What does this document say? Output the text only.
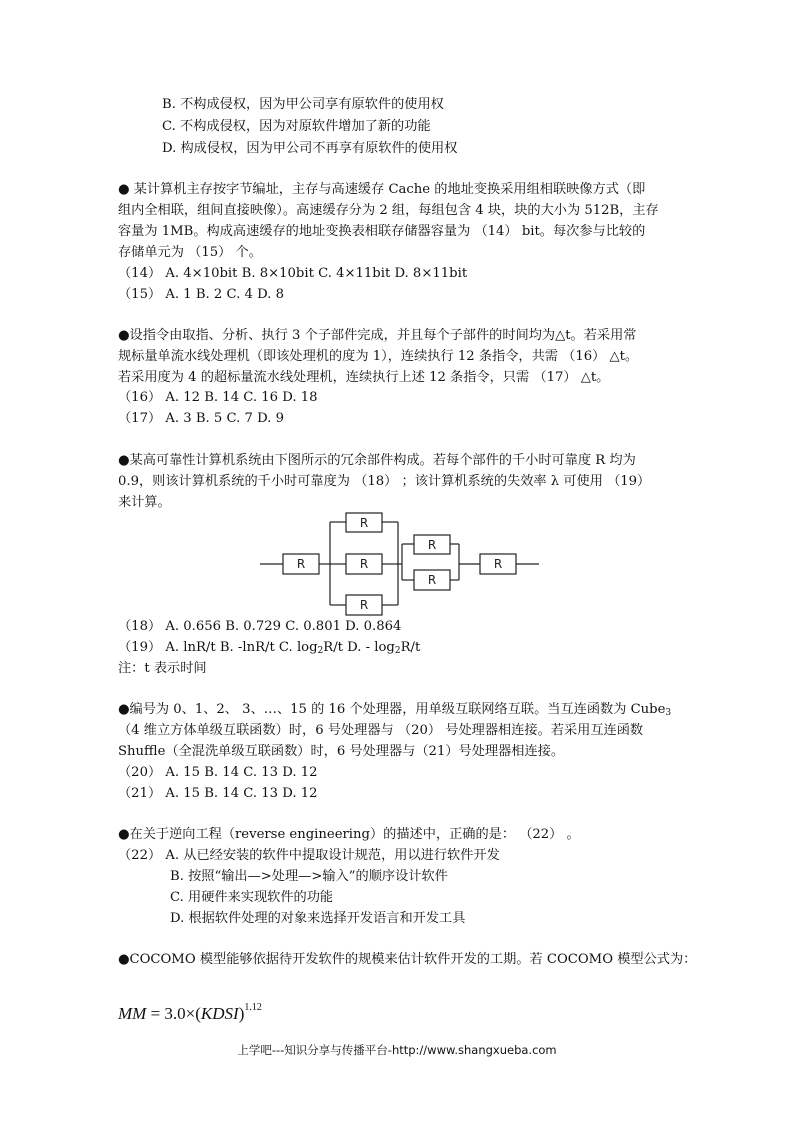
B. 不构成侵权，因为甲公司享有原软件的使用权
C. 不构成侵权，因为对原软件增加了新的功能
D. 构成侵权，因为甲公司不再享有原软件的使用权
● 某计算机主存按字节编址，主存与高速缓存 Cache 的地址变换采用组相联映像方式（即
组内全相联，组间直接映像）。高速缓存分为 2 组，每组包含 4 块，块的大小为 512B，主存
容量为 1MB。构成高速缓存的地址变换表相联存储器容量为 （14） bit。每次参与比较的
存储单元为 （15） 个。
（14） A. 4×10bit B. 8×10bit C. 4×11bit D. 8×11bit
（15） A. 1 B. 2 C. 4 D. 8
●设指令由取指、分析、执行 3 个子部件完成，并且每个子部件的时间均为△t。若采用常
规标量单流水线处理机（即该处理机的度为 1），连续执行 12 条指令，共需 （16） △t。
若采用度为 4 的超标量流水线处理机，连续执行上述 12 条指令，只需 （17） △t。
（16） A. 12 B. 14 C. 16 D. 18
（17） A. 3 B. 5 C. 7 D. 9
●某高可靠性计算机系统由下图所示的冗余部件构成。若每个部件的千小时可靠度 R 均为
0.9，则该计算机系统的千小时可靠度为 （18） ；该计算机系统的失效率 λ 可使用 （19）
来计算。
R
R
R
R
R
R
R
（18） A. 0.656 B. 0.729 C. 0.801 D. 0.864
（19） A. lnR/t B. -lnR/t C. $\log_2R/t$ D. - $\log_2R/t$
注：t 表示时间
●编号为 0、1、2、 3、…、15 的 16 个处理器，用单级互联网络互联。当互连函数为 Cube$_3$
（4 维立方体单级互联函数）时，6 号处理器与 （20） 号处理器相连接。若采用互连函数
Shuffle（全混洗单级互联函数）时，6 号处理器与（21）号处理器相连接。
（20） A. 15 B. 14 C. 13 D. 12
（21） A. 15 B. 14 C. 13 D. 12
●在关于逆向工程（reverse engineering）的描述中，正确的是： （22） 。
（22） A. 从已经安装的软件中提取设计规范，用以进行软件开发
B. 按照“输出—>处理—>输入”的顺序设计软件
C. 用硬件来实现软件的功能
D. 根据软件处理的对象来选择开发语言和开发工具
●COCOMO 模型能够依据待开发软件的规模来估计软件开发的工期。若 COCOMO 模型公式为：
MM = 3.0×(KDSI)$^{1.12}$
上学吧---知识分享与传播平台-http://www.shangxueba.com
